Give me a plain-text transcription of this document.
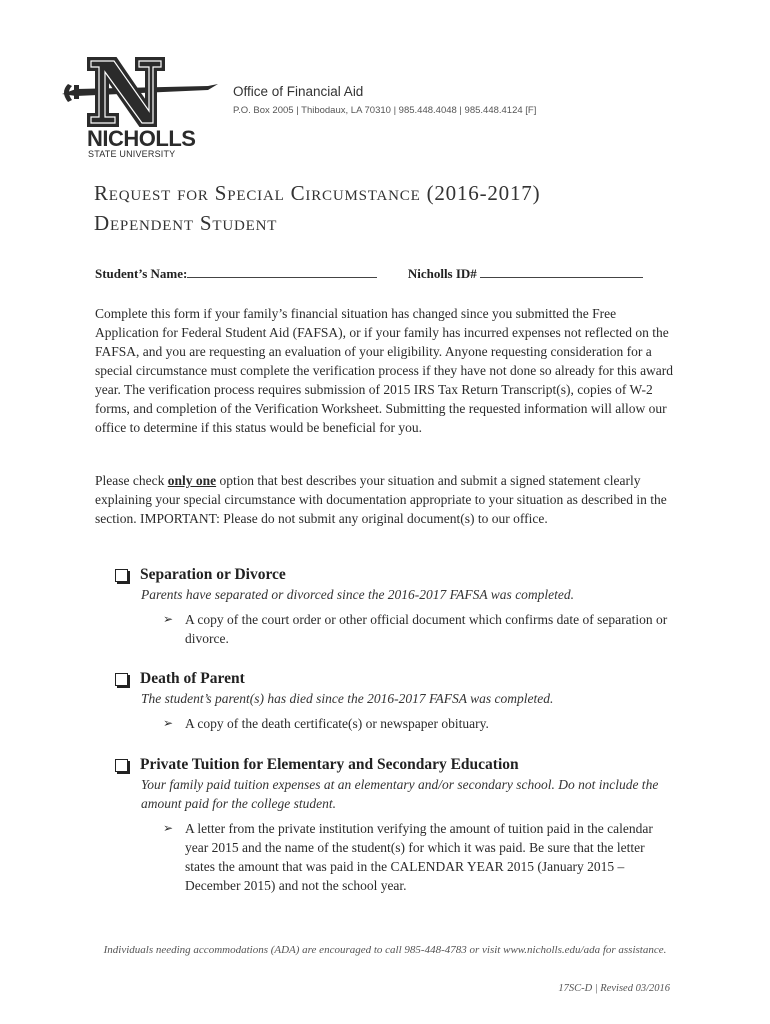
NICHOLLS
STATE UNIVERSITY
Office of Financial Aid
P.O. Box 2005 | Thibodaux, LA 70310 | 985.448.4048 | 985.448.4124 [F]
Request for Special Circumstance (2016-2017)
Dependent Student
Student’s Name:	Nicholls ID#
Complete this form if your family’s financial situation has changed since you submitted the Free Application for Federal Student Aid (FAFSA), or if your family has incurred expenses not reflected on the FAFSA, and you are requesting an evaluation of your eligibility. Anyone requesting consideration for a special circumstance must complete the verification process if they have not done so already for this award year. The verification process requires submission of 2015 IRS Tax Return Transcript(s), copies of W-2 forms, and completion of the Verification Worksheet. Submitting the requested information will allow our office to determine if this status would be beneficial for you.
Please check only one option that best describes your situation and submit a signed statement clearly explaining your special circumstance with documentation appropriate to your situation as described in the section. IMPORTANT: Please do not submit any original document(s) to our office.
Separation or Divorce
Parents have separated or divorced since the 2016-2017 FAFSA was completed.
➢ A copy of the court order or other official document which confirms date of separation or divorce.
Death of Parent
The student’s parent(s) has died since the 2016-2017 FAFSA was completed.
➢ A copy of the death certificate(s) or newspaper obituary.
Private Tuition for Elementary and Secondary Education
Your family paid tuition expenses at an elementary and/or secondary school. Do not include the amount paid for the college student.
➢ A letter from the private institution verifying the amount of tuition paid in the calendar year 2015 and the name of the student(s) for which it was paid. Be sure that the letter states the amount that was paid in the CALENDAR YEAR 2015 (January 2015 – December 2015) and not the school year.
Individuals needing accommodations (ADA) are encouraged to call 985-448-4783 or visit www.nicholls.edu/ada for assistance.
17SC-D | Revised 03/2016
